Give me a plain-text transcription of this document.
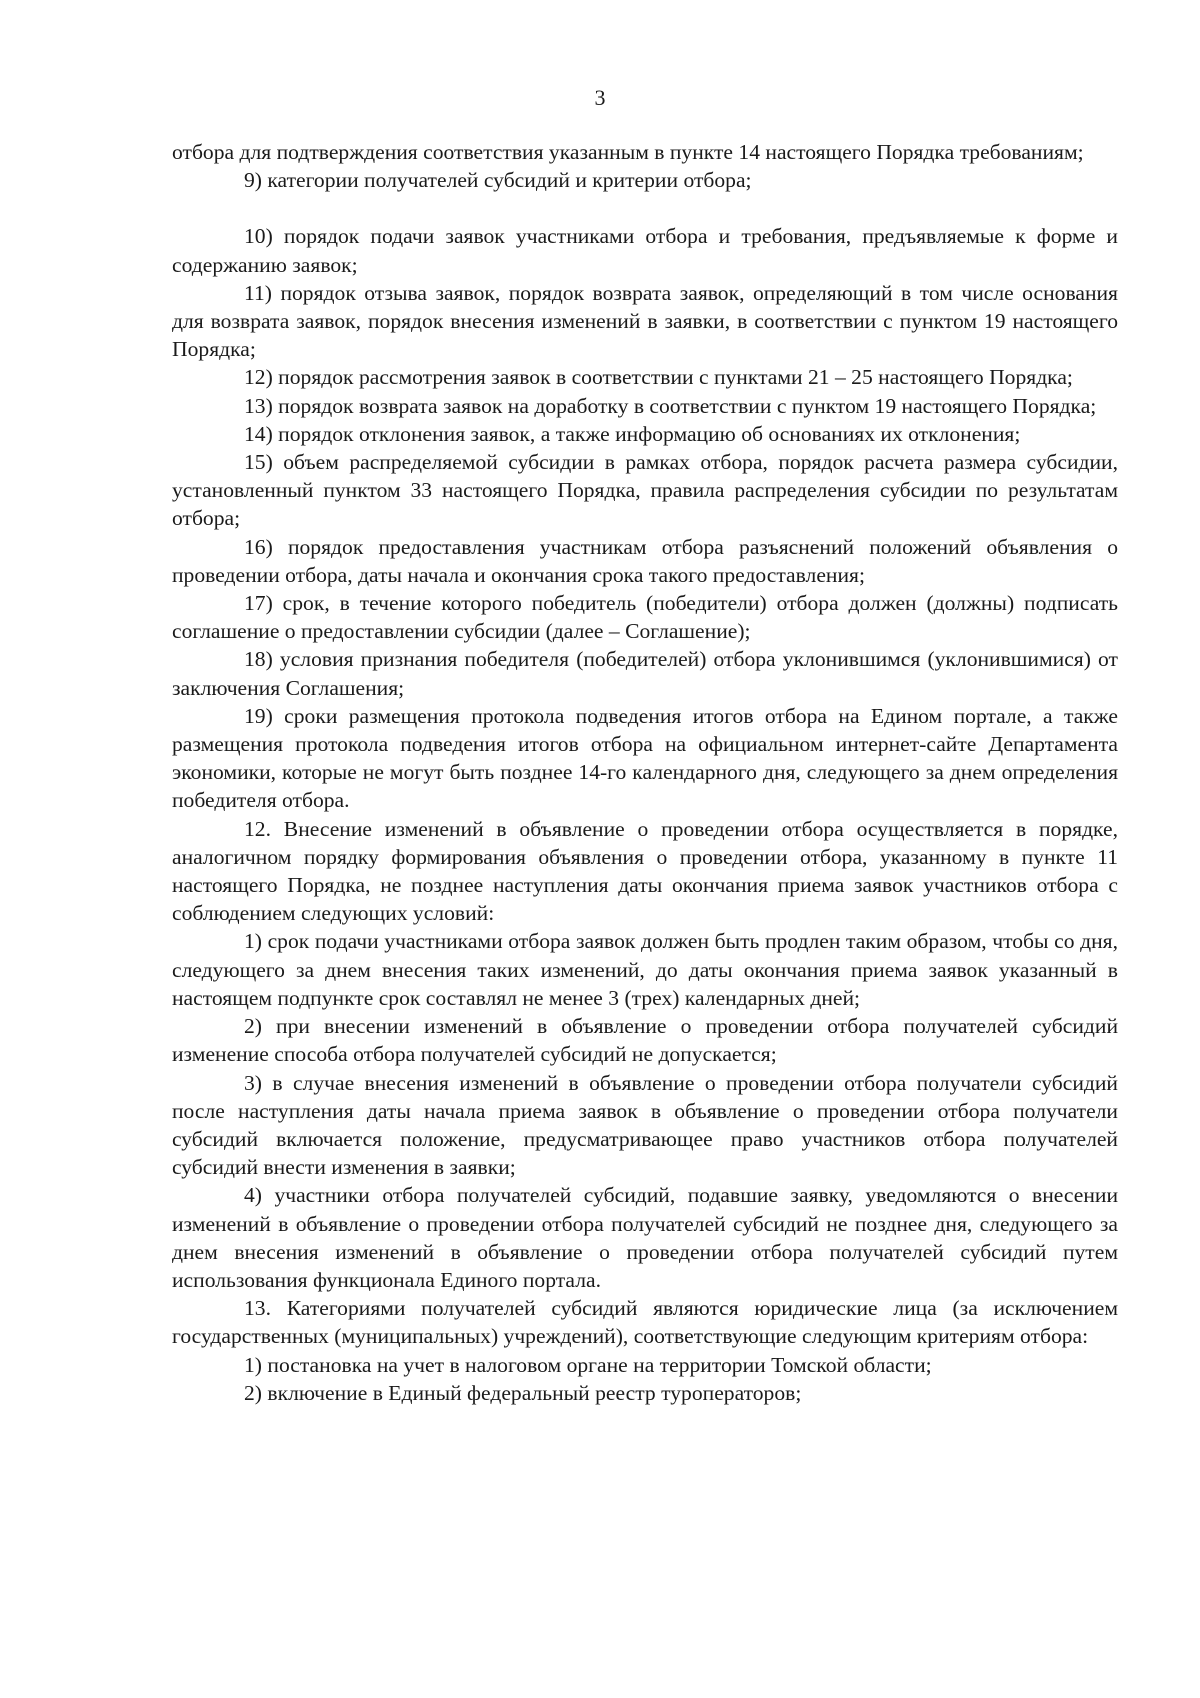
3

отбора для подтверждения соответствия указанным в пункте 14 настоящего Порядка требованиям;

9) категории получателей субсидий и критерии отбора;

10) порядок подачи заявок участниками отбора и требования, предъявляемые к форме и содержанию заявок;

11) порядок отзыва заявок, порядок возврата заявок, определяющий в том числе основания для возврата заявок, порядок внесения изменений в заявки, в соответствии с пунктом 19 настоящего Порядка;

12) порядок рассмотрения заявок в соответствии с пунктами 21 – 25 настоящего Порядка;

13) порядок возврата заявок на доработку в соответствии с пунктом 19 настоящего Порядка;

14) порядок отклонения заявок, а также информацию об основаниях их отклонения;

15) объем распределяемой субсидии в рамках отбора, порядок расчета размера субсидии, установленный пунктом 33 настоящего Порядка, правила распределения субсидии по результатам отбора;

16) порядок предоставления участникам отбора разъяснений положений объявления о проведении отбора, даты начала и окончания срока такого предоставления;

17) срок, в течение которого победитель (победители) отбора должен (должны) подписать соглашение о предоставлении субсидии (далее – Соглашение);

18) условия признания победителя (победителей) отбора уклонившимся (уклонившимися) от заключения Соглашения;

19) сроки размещения протокола подведения итогов отбора на Едином портале, а также размещения протокола подведения итогов отбора на официальном интернет-сайте Департамента экономики, которые не могут быть позднее 14-го календарного дня, следующего за днем определения победителя отбора.

12. Внесение изменений в объявление о проведении отбора осуществляется в порядке, аналогичном порядку формирования объявления о проведении отбора, указанному в пункте 11 настоящего Порядка, не позднее наступления даты окончания приема заявок участников отбора с соблюдением следующих условий:

1) срок подачи участниками отбора заявок должен быть продлен таким образом, чтобы со дня, следующего за днем внесения таких изменений, до даты окончания приема заявок указанный в настоящем подпункте срок составлял не менее 3 (трех) календарных дней;

2) при внесении изменений в объявление о проведении отбора получателей субсидий изменение способа отбора получателей субсидий не допускается;

3) в случае внесения изменений в объявление о проведении отбора получатели субсидий после наступления даты начала приема заявок в объявление о проведении отбора получатели субсидий включается положение, предусматривающее право участников отбора получателей субсидий внести изменения в заявки;

4) участники отбора получателей субсидий, подавшие заявку, уведомляются о внесении изменений в объявление о проведении отбора получателей субсидий не позднее дня, следующего за днем внесения изменений в объявление о проведении отбора получателей субсидий путем использования функционала Единого портала.

13. Категориями получателей субсидий являются юридические лица (за исключением государственных (муниципальных) учреждений), соответствующие следующим критериям отбора:

1) постановка на учет в налоговом органе на территории Томской области;

2) включение в Единый федеральный реестр туроператоров;
